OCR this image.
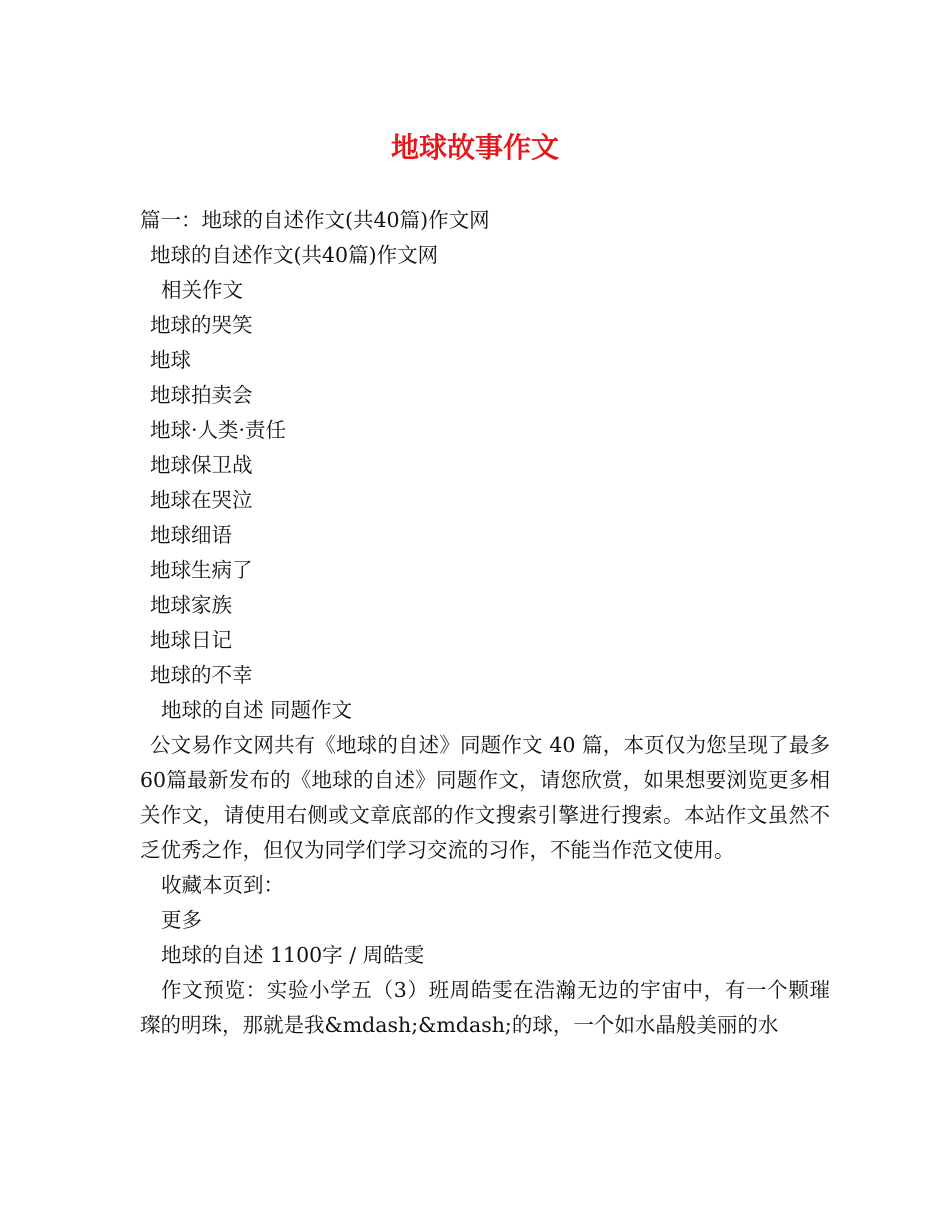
地球故事作文
篇一：地球的自述作文(共40篇)作文网
地球的自述作文(共40篇)作文网
相关作文
地球的哭笑
地球
地球拍卖会
地球·人类·责任
地球保卫战
地球在哭泣
地球细语
地球生病了
地球家族
地球日记
地球的不幸
地球的自述 同题作文

公文易作文网共有《地球的自述》同题作文 40 篇，本页仅为您呈现了最多60篇最新发布的《地球的自述》同题作文，请您欣赏，如果想要浏览更多相关作文，请使用右侧或文章底部的作文搜索引擎进行搜索。本站作文虽然不乏优秀之作，但仅为同学们学习交流的习作，不能当作范文使用。

收藏本页到：
更多
地球的自述 1100字 / 周皓雯

作文预览：实验小学五（3）班周皓雯在浩瀚无边的宇宙中，有一个颗璀璨的明珠，那就是我&mdash;&mdash;的球，一个如水晶般美丽的水
